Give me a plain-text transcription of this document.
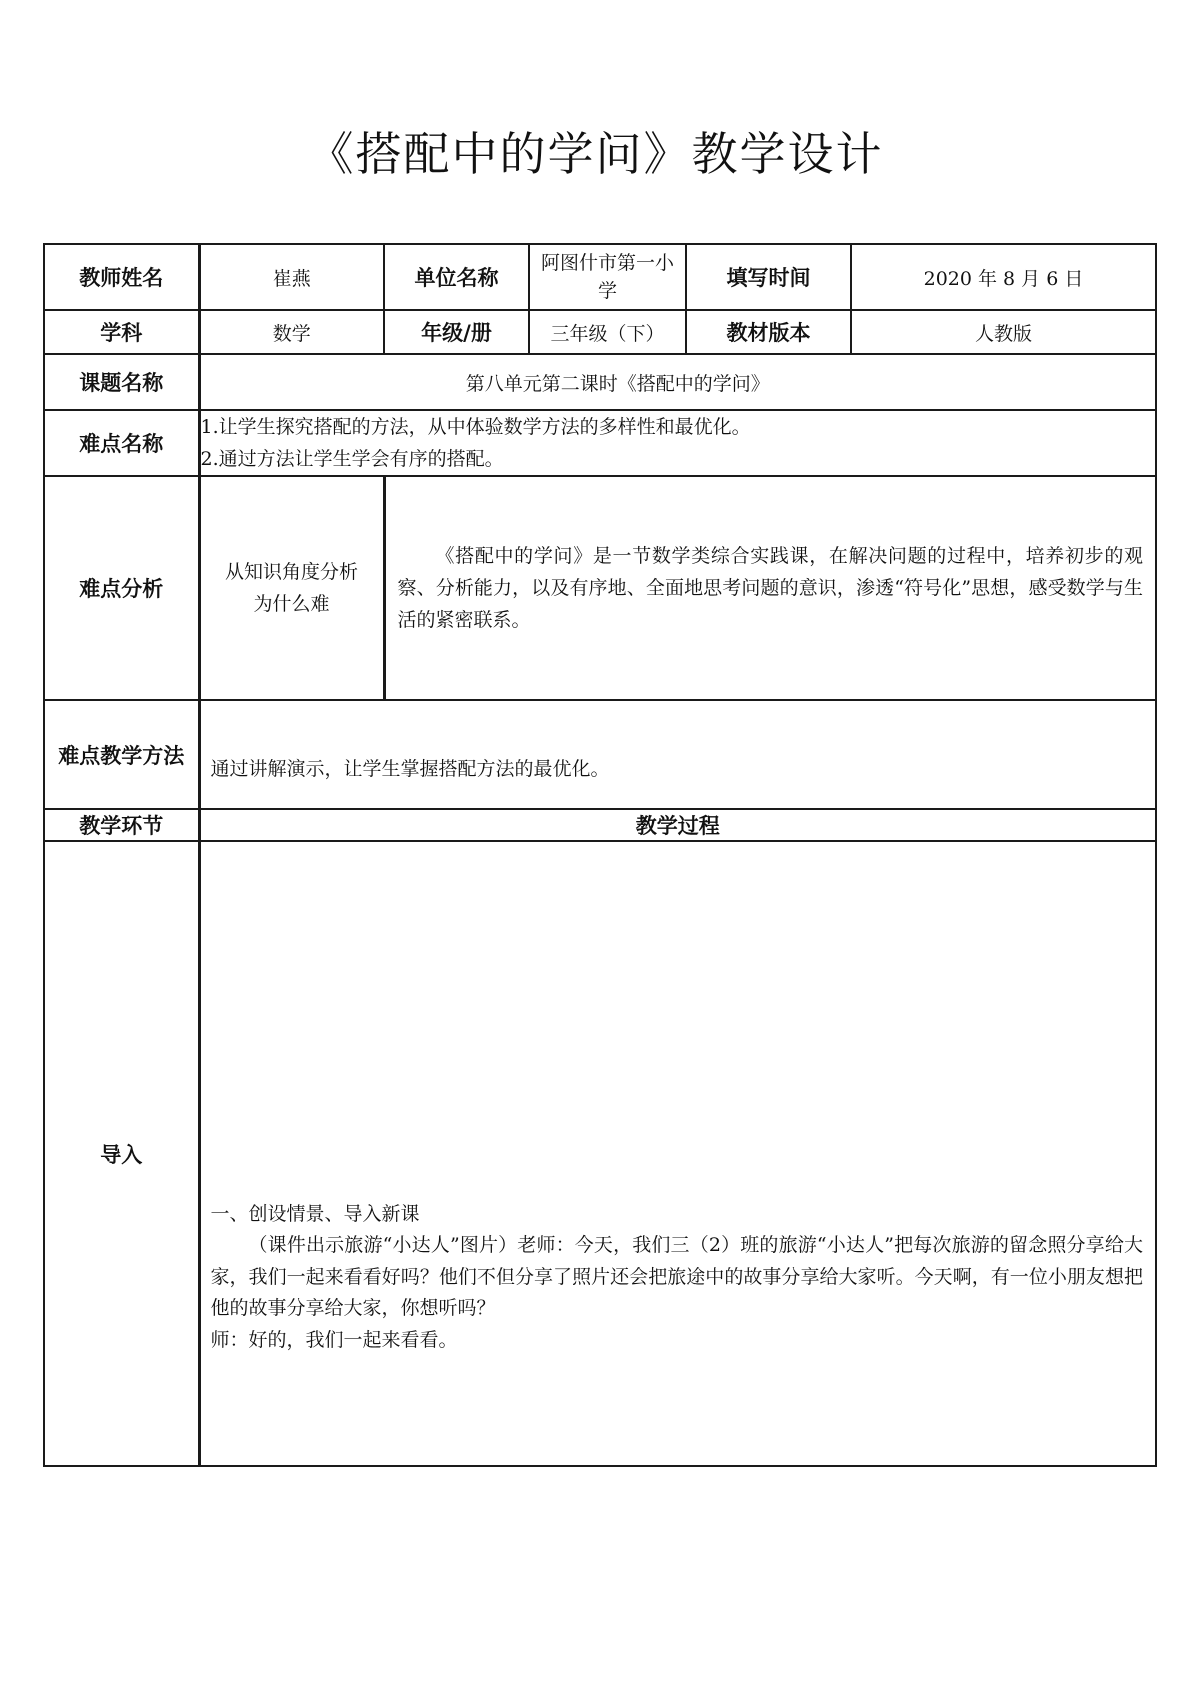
《搭配中的学问》教学设计
教师姓名	崔燕	单位名称	阿图什市第一小学	填写时间	2020 年 8 月 6 日
学科	数学	年级/册	三年级（下）	教材版本	人教版
课题名称	第八单元第二课时《搭配中的学问》				
难点名称	1.让学生探究搭配的方法，从中体验数学方法的多样性和最优化。
2.通过方法让学生学会有序的搭配。				

难点分析	从知识角度分析为什么难	《搭配中的学问》是一节数学类综合实践课，在解决问题的过程中，培养初步的观察、分析能力，以及有序地、全面地思考问题的意识，渗透“符号化”思想，感受数学与生活的紧密联系。			

难点教学方法	通过讲解演示，让学生掌握搭配方法的最优化。				

教学环节	教学过程				
导入	一、创设情景、导入新课
（课件出示旅游“小达人”图片）老师：今天，我们三（2）班的旅游“小达人”把每次旅游的留念照分享给大家，我们一起来看看好吗？他们不但分享了照片还会把旅途中的故事分享给大家听。今天啊，有一位小朋友想把他的故事分享给大家，你想听吗？
师：好的，我们一起来看看。				
